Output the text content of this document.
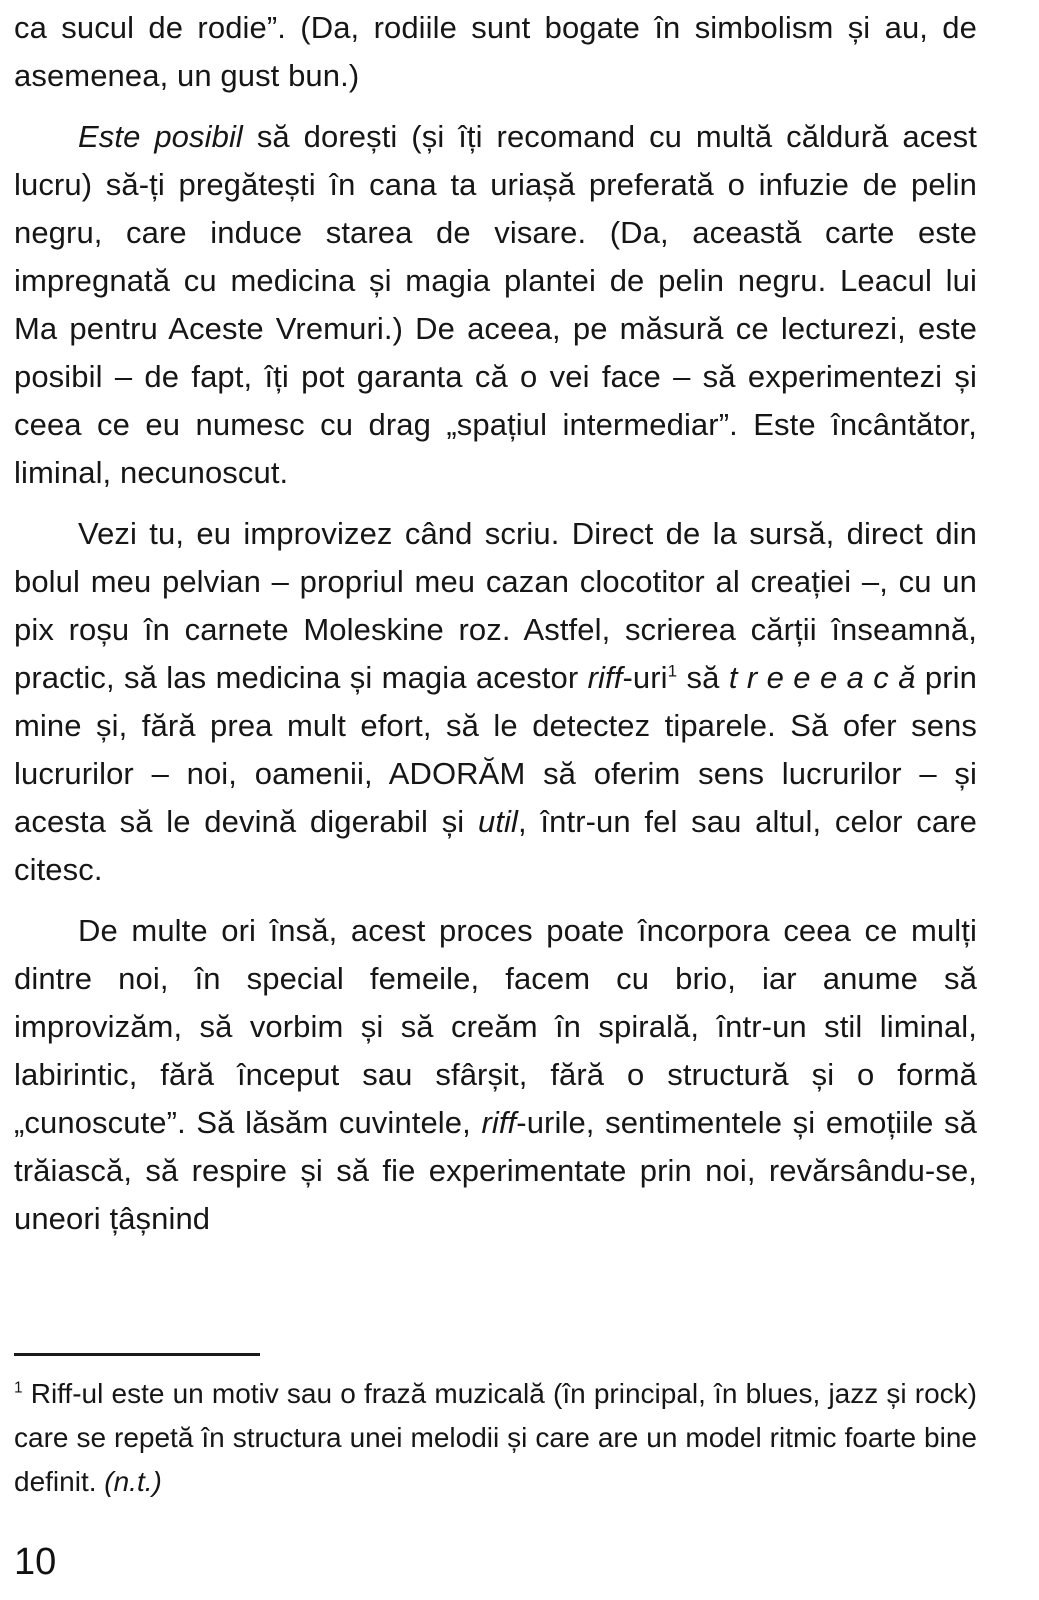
ca sucul de rodie”. (Da, rodiile sunt bogate în simbolism și au, de asemenea, un gust bun.)

Este posibil să dorești (și îți recomand cu multă căldură acest lucru) să-ți pregătești în cana ta uriașă preferată o infuzie de pelin negru, care induce starea de visare. (Da, această carte este impregnată cu medicina și magia plantei de pelin negru. Leacul lui Ma pentru Aceste Vremuri.) De aceea, pe măsură ce lecturezi, este posibil – de fapt, îți pot garanta că o vei face – să experimentezi și ceea ce eu numesc cu drag „spațiul intermediar”. Este încântător, liminal, necunoscut.

Vezi tu, eu improvizez când scriu. Direct de la sursă, direct din bolul meu pelvian – propriul meu cazan clocotitor al creației –, cu un pix roșu în carnete Moleskine roz. Astfel, scrierea cărții înseamnă, practic, să las medicina și magia acestor riff-uri$^1$ să t r e e e a c ă prin mine și, fără prea mult efort, să le detectez tiparele. Să ofer sens lucrurilor – noi, oamenii, ADORĂM să oferim sens lucrurilor – și acesta să le devină digerabil și util, într-un fel sau altul, celor care citesc.

De multe ori însă, acest proces poate încorpora ceea ce mulți dintre noi, în special femeile, facem cu brio, iar anume să improvizăm, să vorbim și să creăm în spirală, într-un stil liminal, labirintic, fără început sau sfârșit, fără o structură și o formă „cunoscute”. Să lăsăm cuvintele, riff-urile, sentimentele și emoțiile să trăiască, să respire și să fie experimentate prin noi, revărsându-se, uneori țâșnind

$^1$ Riff-ul este un motiv sau o frază muzicală (în principal, în blues, jazz și rock) care se repetă în structura unei melodii și care are un model ritmic foarte bine definit. (n.t.)
10
